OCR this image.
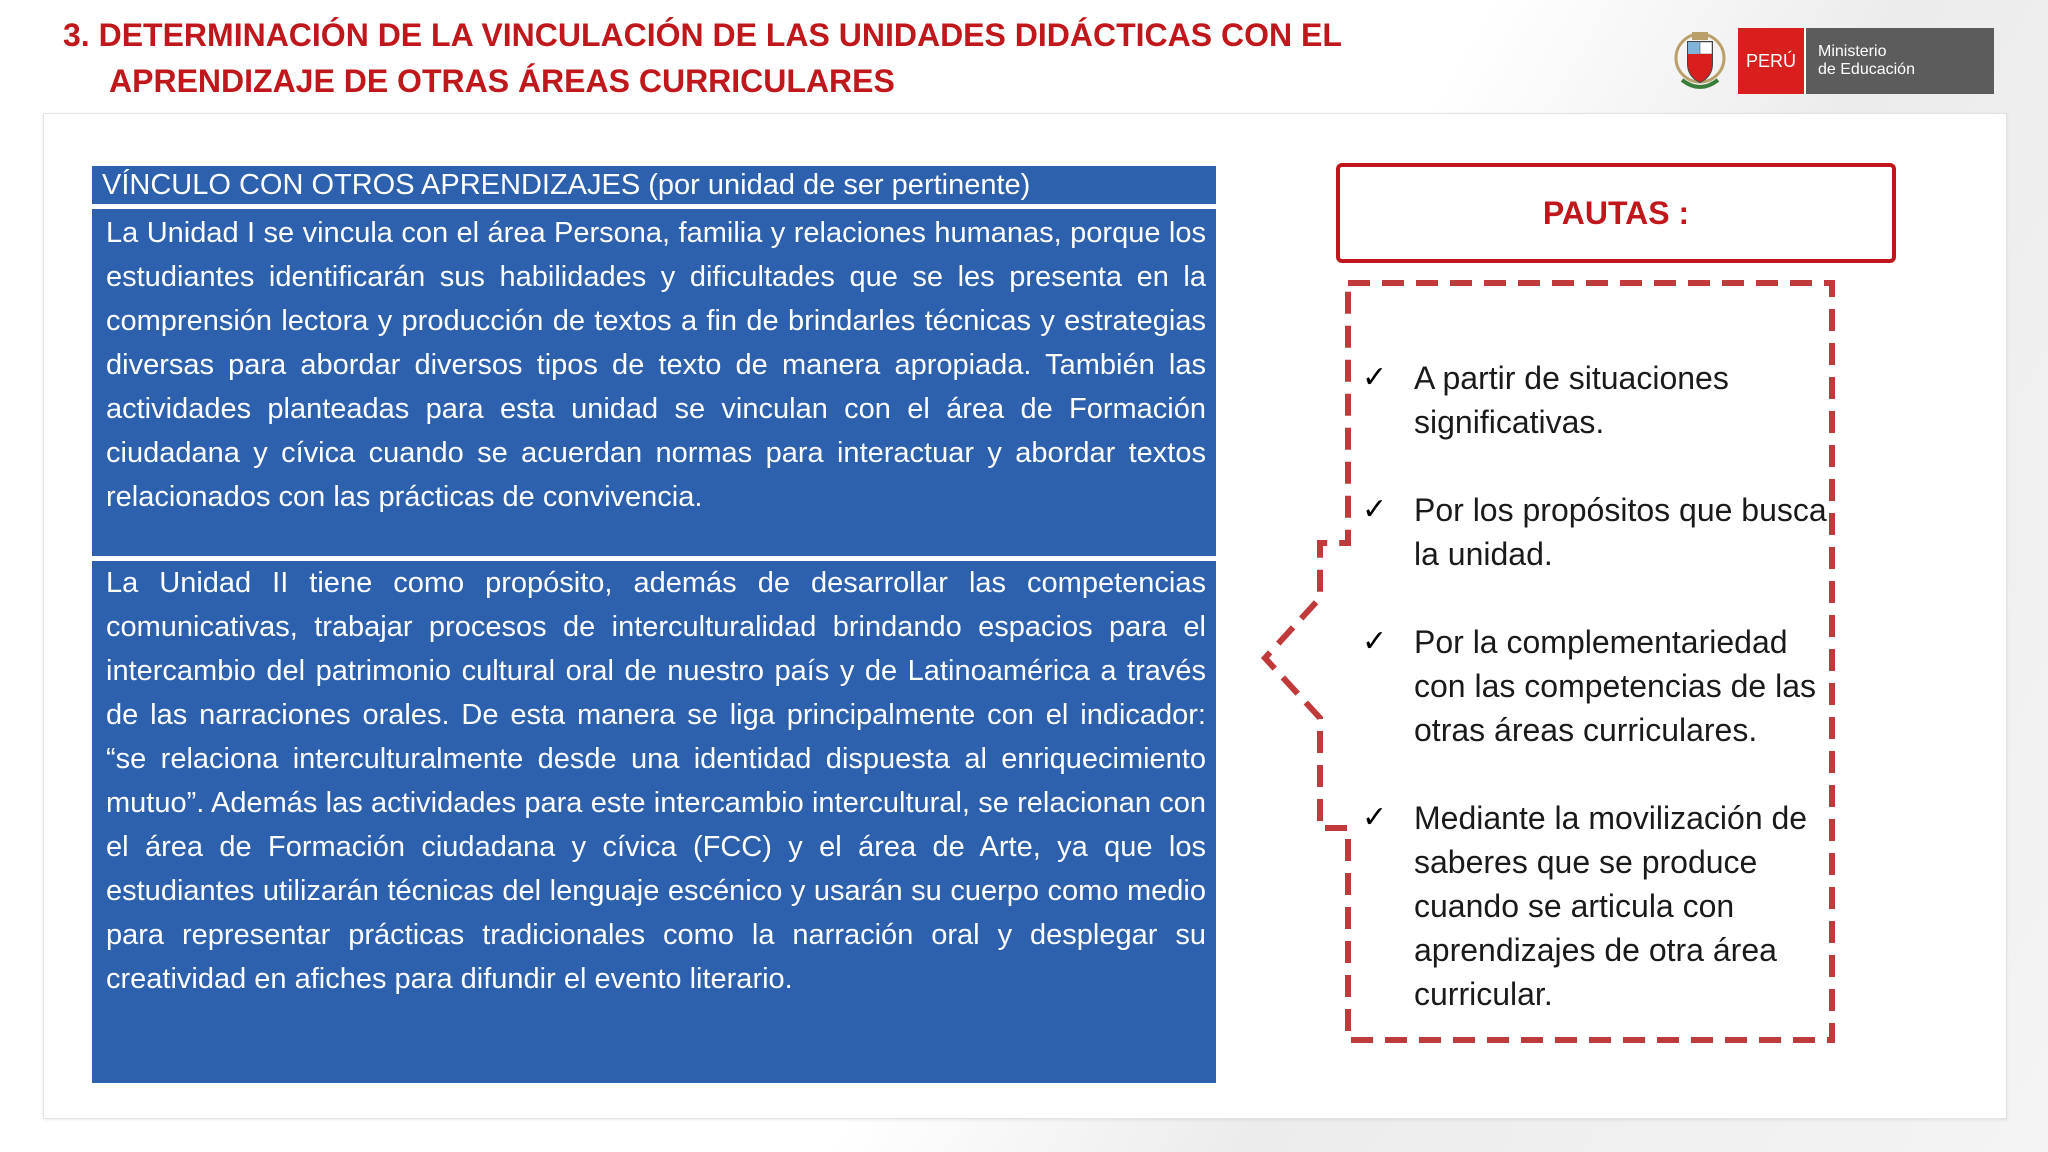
3. DETERMINACIÓN DE LA VINCULACIÓN DE LAS UNIDADES DIDÁCTICAS CON EL
APRENDIZAJE DE OTRAS ÁREAS CURRICULARES
PERÚ	Ministerio
de Educación
VÍNCULO CON OTROS APRENDIZAJES (por unidad de ser pertinente)
La Unidad I se vincula con el área Persona, familia y relaciones humanas, porque los estudiantes identificarán sus habilidades y dificultades que se les presenta en la comprensión lectora y producción de textos a fin de brindarles técnicas y estrategias diversas para abordar diversos tipos de texto de manera apropiada. También las actividades planteadas para esta unidad se vinculan con el área de Formación ciudadana y cívica cuando se acuerdan normas para interactuar y abordar textos relacionados con las prácticas de convivencia.
La Unidad II tiene como propósito, además de desarrollar las competencias comunicativas, trabajar procesos de interculturalidad brindando espacios para el intercambio del patrimonio cultural oral de nuestro país y de Latinoamérica a través de las narraciones orales. De esta manera se liga principalmente con el indicador: “se relaciona interculturalmente desde una identidad dispuesta al enriquecimiento mutuo”. Además las actividades para este intercambio intercultural, se relacionan con el área de Formación ciudadana y cívica (FCC) y el área de Arte, ya que los estudiantes utilizarán técnicas del lenguaje escénico y usarán su cuerpo como medio para representar prácticas tradicionales como la narración oral y desplegar su creatividad en afiches para difundir el evento literario.
PAUTAS :
✓ A partir de situaciones significativas.
✓ Por los propósitos que busca la unidad.
✓ Por la complementariedad con las competencias de las otras áreas curriculares.
✓ Mediante la movilización de saberes que se produce cuando se articula con aprendizajes de otra área curricular.
